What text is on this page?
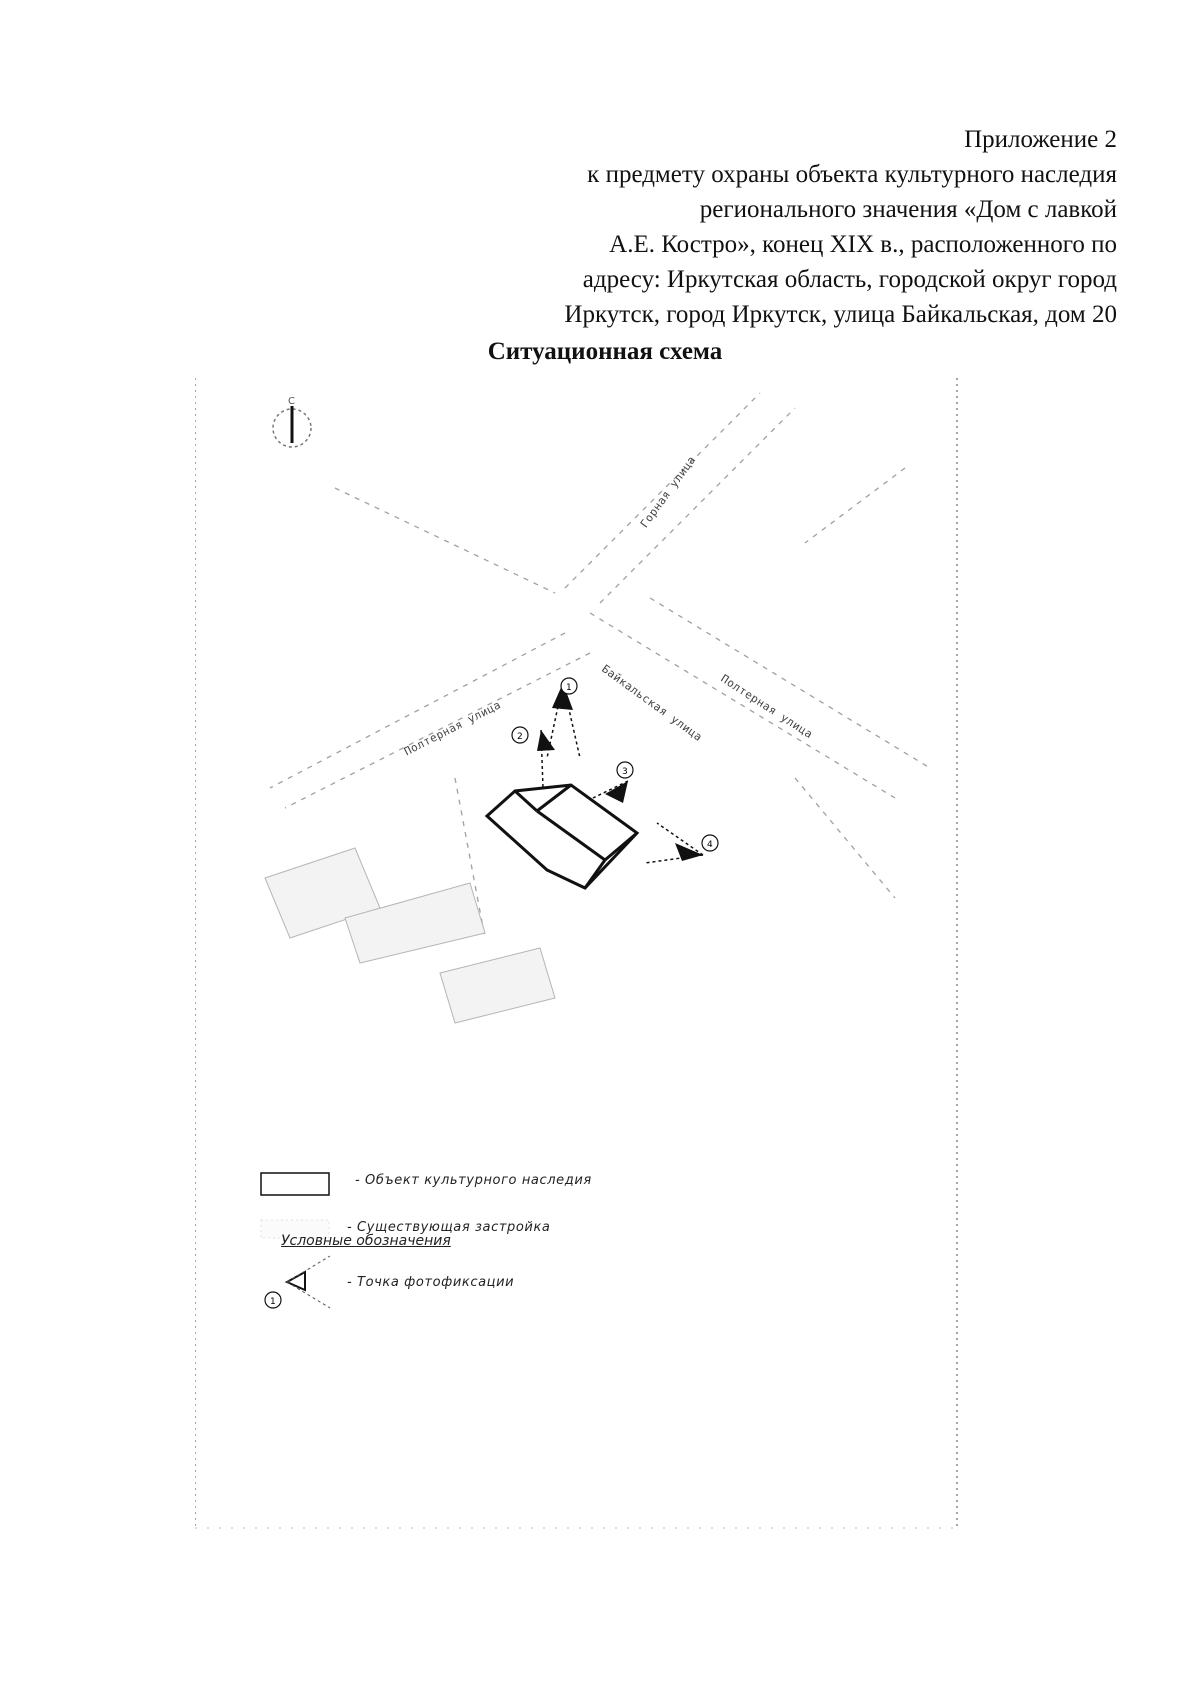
Приложение 2
к предмету охраны объекта культурного наследия
регионального значения «Дом с лавкой
А.Е. Костро», конец XIX в., расположенного по
адресу: Иркутская область, городской округ город
Иркутск, город Иркутск, улица Байкальская, дом 20
Ситуационная схема
С
1
2
3
4
1
Горная улица
Байкальская улица
Полтерная улица	Полтерная улица
Условные обозначения
- Объект культурного наследия
- Существующая застройка
- Точка фотофиксации
